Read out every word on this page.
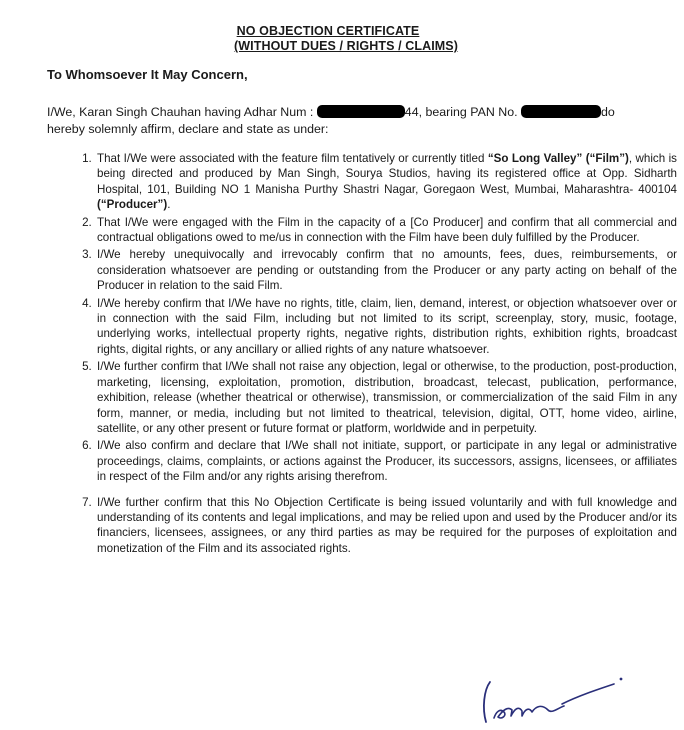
NO OBJECTION CERTIFICATE
(WITHOUT DUES / RIGHTS / CLAIMS)
To Whomsoever It May Concern,
I/We, Karan Singh Chauhan having Adhar Num :	44, bearing PAN No.	do
hereby solemnly affirm, declare and state as under:
1. That I/We were associated with the feature film tentatively or currently titled “So Long Valley” (“Film”), which is being directed and produced by Man Singh, Sourya Studios, having its registered office at Opp. Sidharth Hospital, 101, Building NO 1 Manisha Purthy Shastri Nagar, Goregaon West, Mumbai, Maharashtra- 400104 (“Producer”).
2. That I/We were engaged with the Film in the capacity of a [Co Producer] and confirm that all commercial and contractual obligations owed to me/us in connection with the Film have been duly fulfilled by the Producer.
3. I/We hereby unequivocally and irrevocably confirm that no amounts, fees, dues, reimbursements, or consideration whatsoever are pending or outstanding from the Producer or any party acting on behalf of the Producer in relation to the said Film.
4. I/We hereby confirm that I/We have no rights, title, claim, lien, demand, interest, or objection whatsoever over or in connection with the said Film, including but not limited to its script, screenplay, story, music, footage, underlying works, intellectual property rights, negative rights, distribution rights, exhibition rights, broadcast rights, digital rights, or any ancillary or allied rights of any nature whatsoever.
5. I/We further confirm that I/We shall not raise any objection, legal or otherwise, to the production, post-production, marketing, licensing, exploitation, promotion, distribution, broadcast, telecast, publication, performance, exhibition, release (whether theatrical or otherwise), transmission, or commercialization of the said Film in any form, manner, or media, including but not limited to theatrical, television, digital, OTT, home video, airline, satellite, or any other present or future format or platform, worldwide and in perpetuity.
6. I/We also confirm and declare that I/We shall not initiate, support, or participate in any legal or administrative proceedings, claims, complaints, or actions against the Producer, its successors, assigns, licensees, or affiliates in respect of the Film and/or any rights arising therefrom.
7. I/We further confirm that this No Objection Certificate is being issued voluntarily and with full knowledge and understanding of its contents and legal implications, and may be relied upon and used by the Producer and/or its financiers, licensees, assignees, or any third parties as may be required for the purposes of exploitation and monetization of the Film and its associated rights.
